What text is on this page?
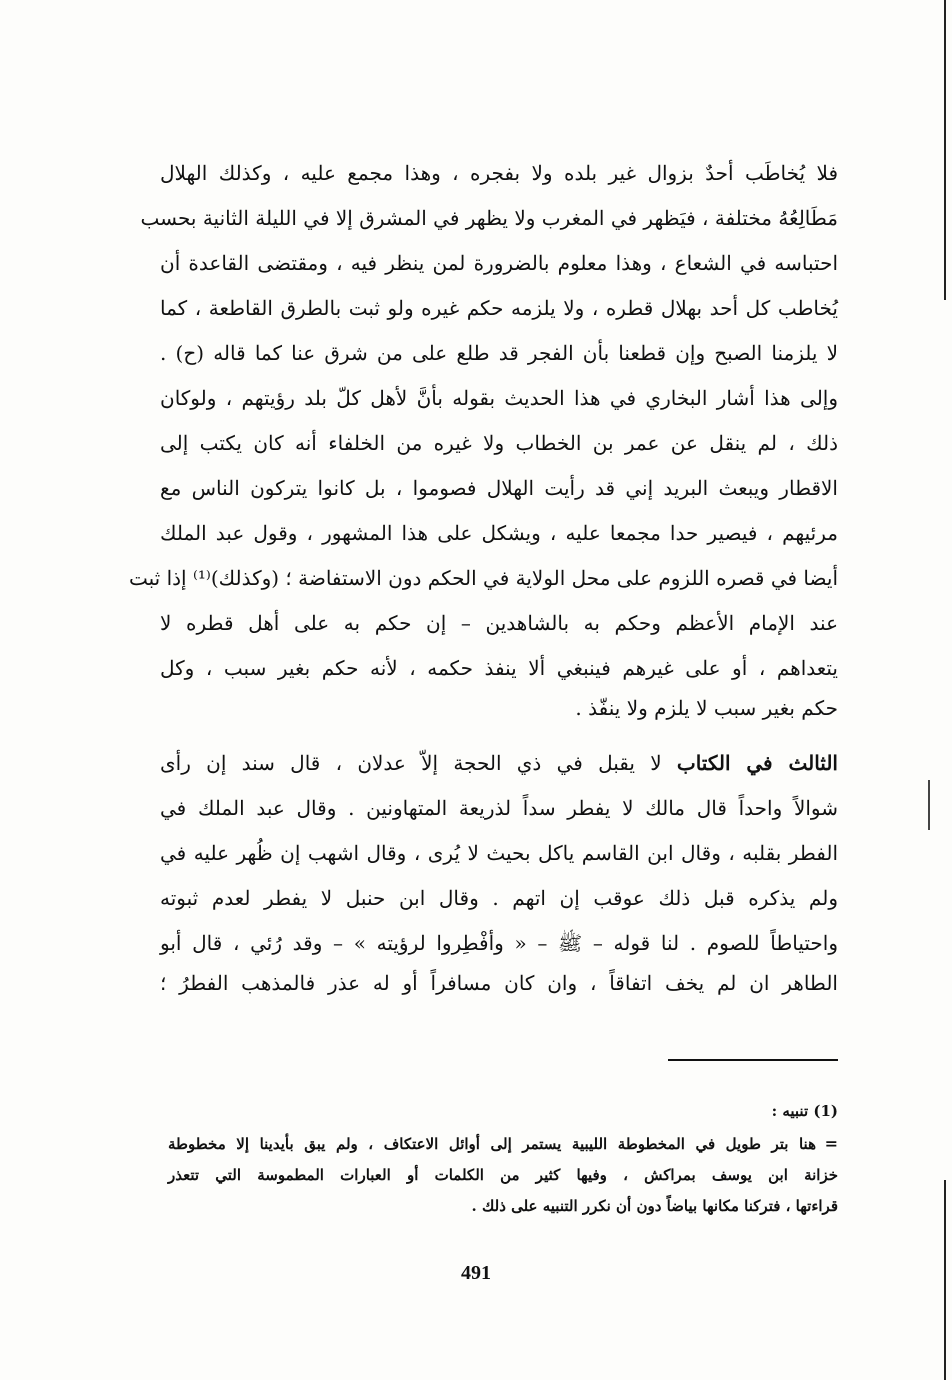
فلا يُخاطَب أحدٌ بزوال غير بلده ولا بفجره ، وهذا مجمع عليه ، وكذلك الهلال
مَطَالِعُهُ مختلفة ، فيَظهر في المغرب ولا يظهر في المشرق إلا في الليلة الثانية بحسب
احتباسه في الشعاع ، وهذا معلوم بالضرورة لمن ينظر فيه ، ومقتضى القاعدة أن
يُخاطب كل أحد بهلال قطره ، ولا يلزمه حكم غيره ولو ثبت بالطرق القاطعة ، كما
لا يلزمنا الصبح وإن قطعنا بأن الفجر قد طلع على من شرق عنا كما قاله (ح) .
وإلى هذا أشار البخاري في هذا الحديث بقوله بأنَّ لأهل كلّ بلد رؤيتهم ، ولوكان
ذلك ، لم ينقل عن عمر بن الخطاب ولا غيره من الخلفاء أنه كان يكتب إلى
الاقطار ويبعث البريد إني قد رأيت الهلال فصوموا ، بل كانوا يتركون الناس مع
مرئيهم ، فيصير حدا مجمعا عليه ، ويشكل على هذا المشهور ، وقول عبد الملك
أيضا في قصره اللزوم على محل الولاية في الحكم دون الاستفاضة ؛ (وكذلك)⁽¹⁾ إذا ثبت
عند الإمام الأعظم وحكم به بالشاهدين – إن حكم به على أهل قطره لا
يتعداهم ، أو على غيرهم فينبغي ألا ينفذ حكمه ، لأنه حكم بغير سبب ، وكل
حكم بغير سبب لا يلزم ولا ينفّذ .
الثالث في الكتاب لا يقبل في ذي الحجة إلاّ عدلان ، قال سند إن رأى
شوالاً واحداً قال مالك لا يفطر سداً لذريعة المتهاونين . وقال عبد الملك في
الفطر بقلبه ، وقال ابن القاسم ياكل بحيث لا يُرى ، وقال اشهب إن ظُهر عليه في
ولم يذكره قبل ذلك عوقب إن اتهم . وقال ابن حنبل لا يفطر لعدم ثبوته
واحتياطاً للصوم . لنا قوله – ﷺ – « وأفْطِروا لرؤيته » – وقد رُئي ، قال أبو
الطاهر ان لم يخف اتفاقاً ، وان كان مسافراً أو له عذر فالمذهب الفطرُ ؛
(1) تنبيه :
=
هنا بتر طويل في المخطوطة الليبية يستمر إلى أوائل الاعتكاف ، ولم يبق بأيدينا إلا مخطوطة
خزانة ابن يوسف بمراكش ، وفيها كثير من الكلمات أو العبارات المطموسة التي تتعذر
قراءتها ، فتركنا مكانها بياضاً دون أن نكرر التنبيه على ذلك .
491
